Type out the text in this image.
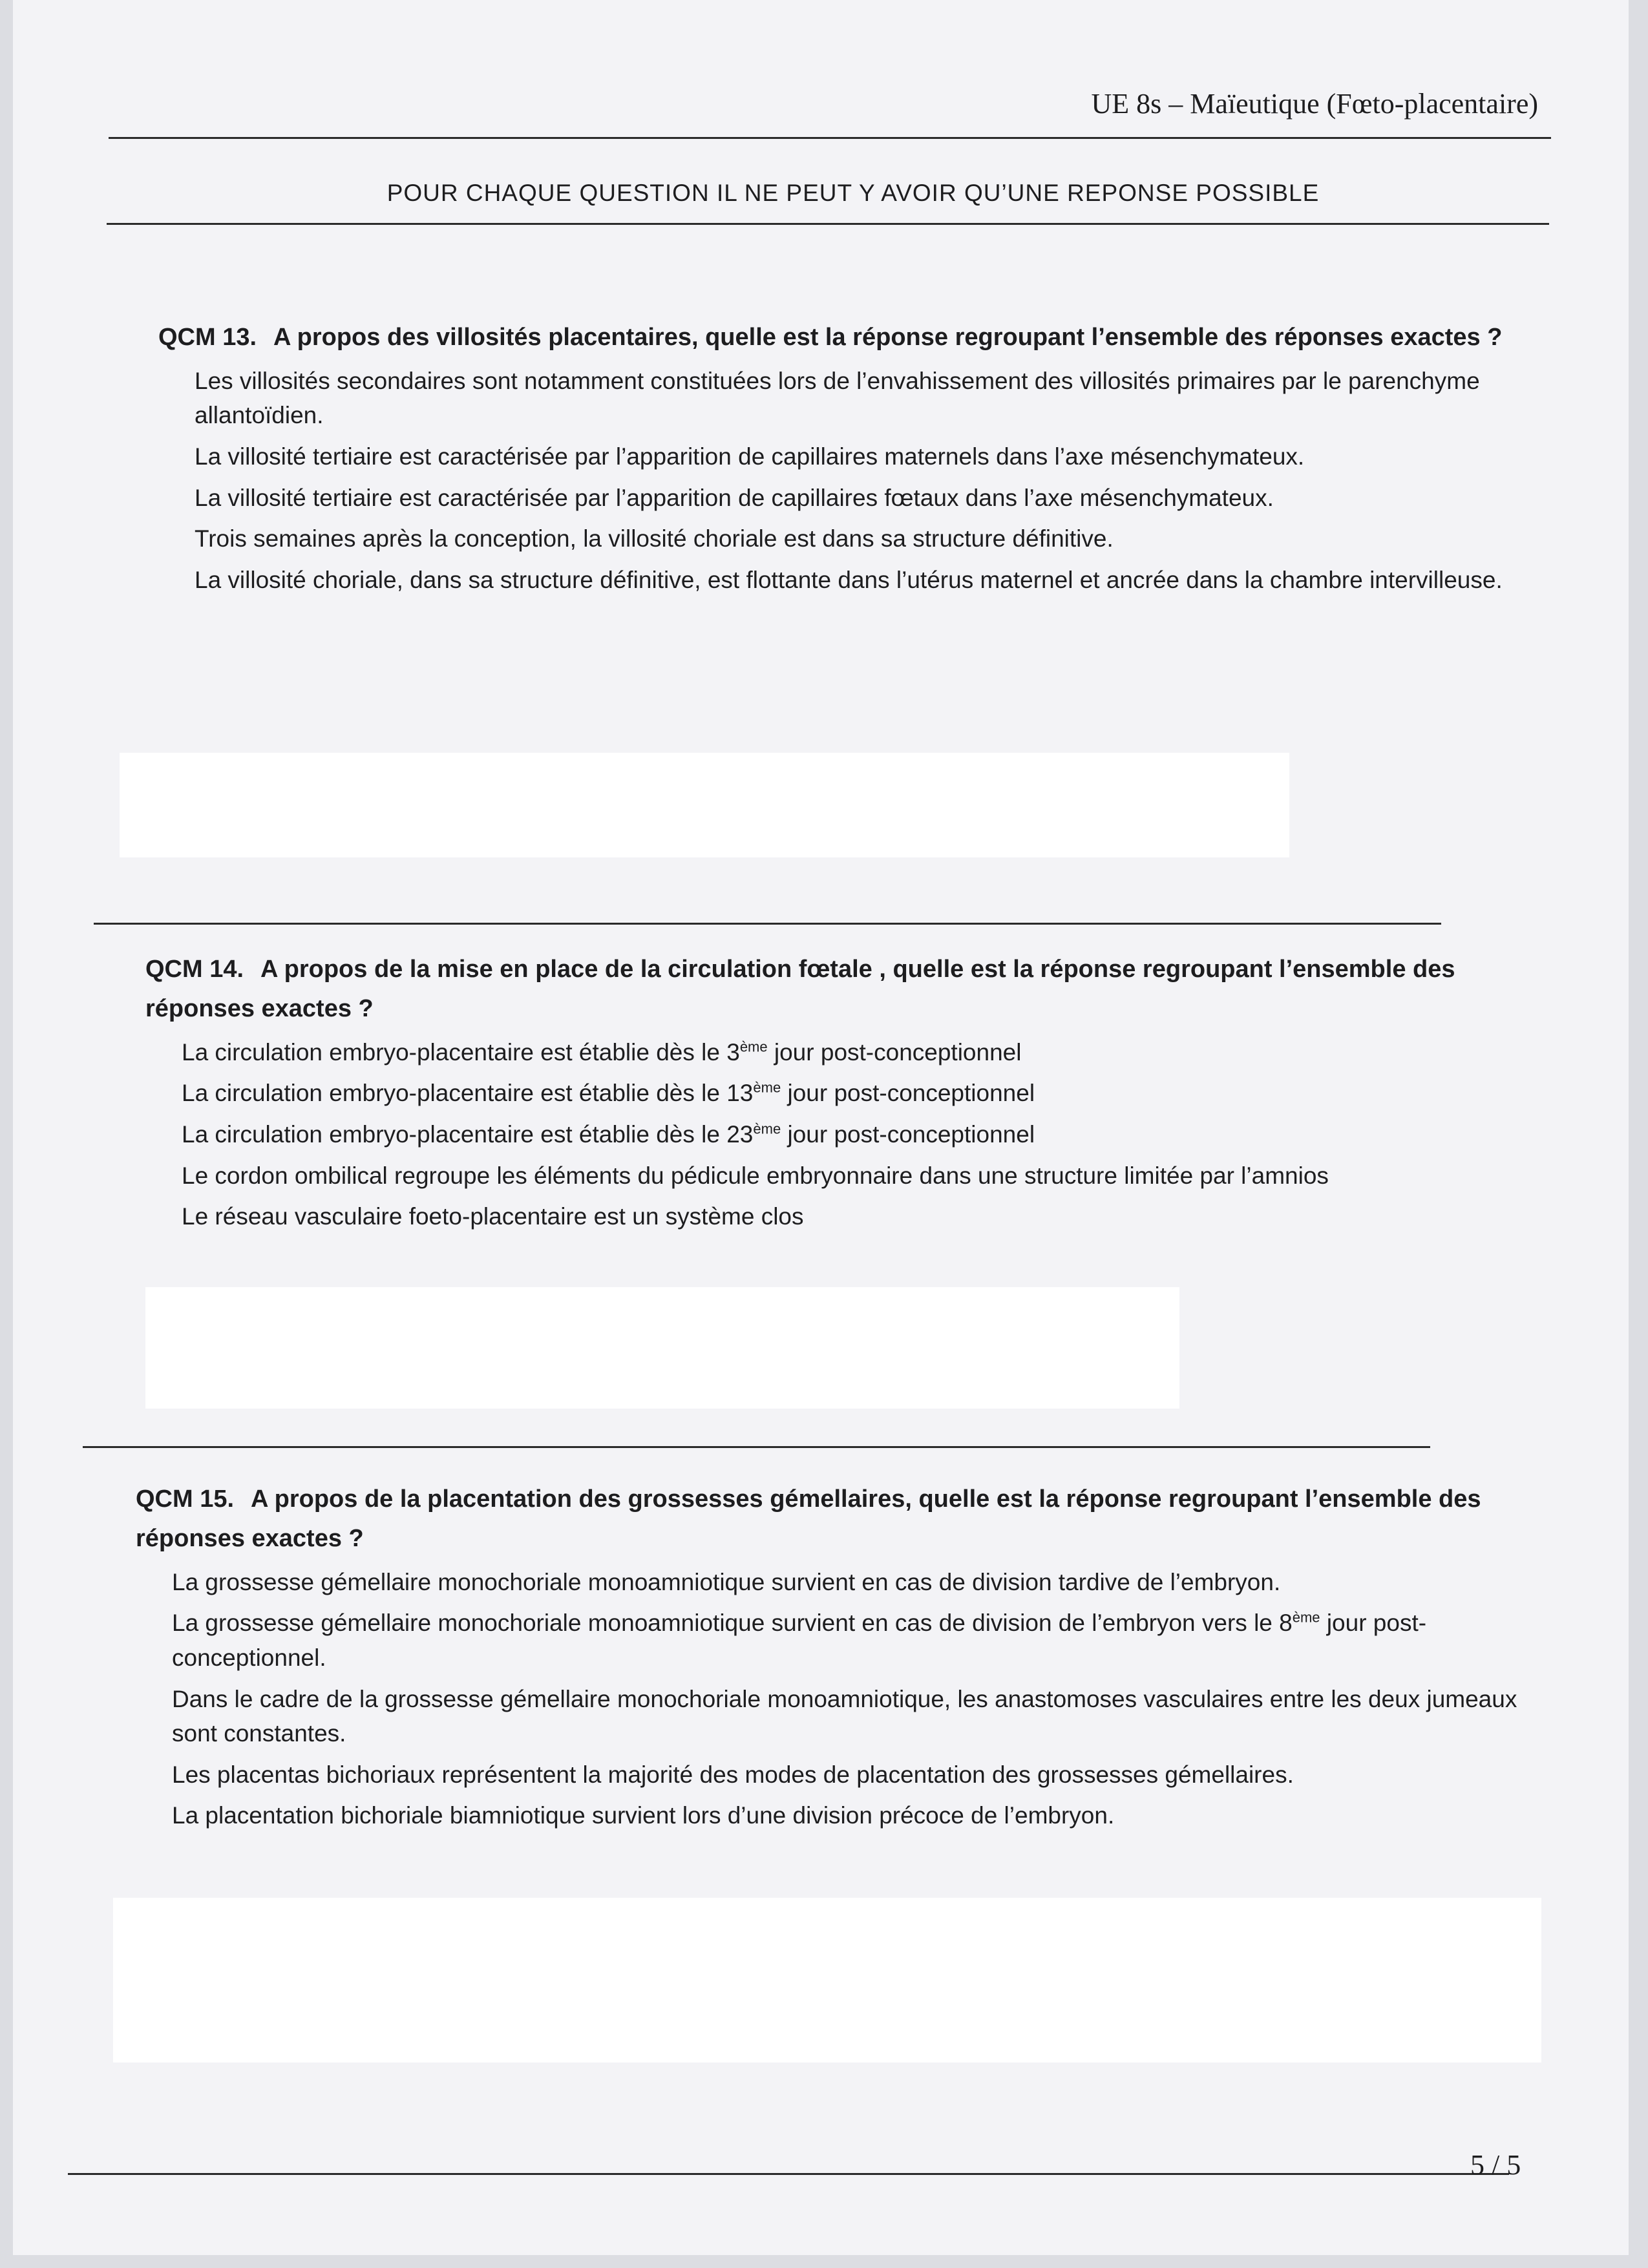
UE 8s – Maïeutique (Fœto-placentaire)
POUR CHAQUE QUESTION IL NE PEUT Y AVOIR QU’UNE REPONSE POSSIBLE
QCM 13. A propos des villosités placentaires, quelle est la réponse regroupant l’ensemble des réponses exactes ?
Les villosités secondaires sont notamment constituées lors de l’envahissement des villosités primaires par le parenchyme allantoïdien.
La villosité tertiaire est caractérisée par l’apparition de capillaires maternels dans l’axe mésenchymateux.
La villosité tertiaire est caractérisée par l’apparition de capillaires fœtaux dans l’axe mésenchymateux.
Trois semaines après la conception, la villosité choriale est dans sa structure définitive.
La villosité choriale, dans sa structure définitive, est flottante dans l’utérus maternel et ancrée dans la chambre intervilleuse.
QCM 14. A propos de la mise en place de la circulation fœtale , quelle est la réponse regroupant l’ensemble des réponses exactes ?
La circulation embryo-placentaire est établie dès le 3ème jour post-conceptionnel
La circulation embryo-placentaire est établie dès le 13ème jour post-conceptionnel
La circulation embryo-placentaire est établie dès le 23ème jour post-conceptionnel
Le cordon ombilical regroupe les éléments du pédicule embryonnaire dans une structure limitée par l’amnios
Le réseau vasculaire foeto-placentaire est un système clos
QCM 15. A propos de la placentation des grossesses gémellaires, quelle est la réponse regroupant l’ensemble des réponses exactes ?
La grossesse gémellaire monochoriale monoamniotique survient en cas de division tardive de l’embryon.
La grossesse gémellaire monochoriale monoamniotique survient en cas de division de l’embryon vers le 8ème jour post-conceptionnel.
Dans le cadre de la grossesse gémellaire monochoriale monoamniotique, les anastomoses vasculaires entre les deux jumeaux sont constantes.
Les placentas bichoriaux représentent la majorité des modes de placentation des grossesses gémellaires.
La placentation bichoriale biamniotique survient lors d’une division précoce de l’embryon.
5 / 5
